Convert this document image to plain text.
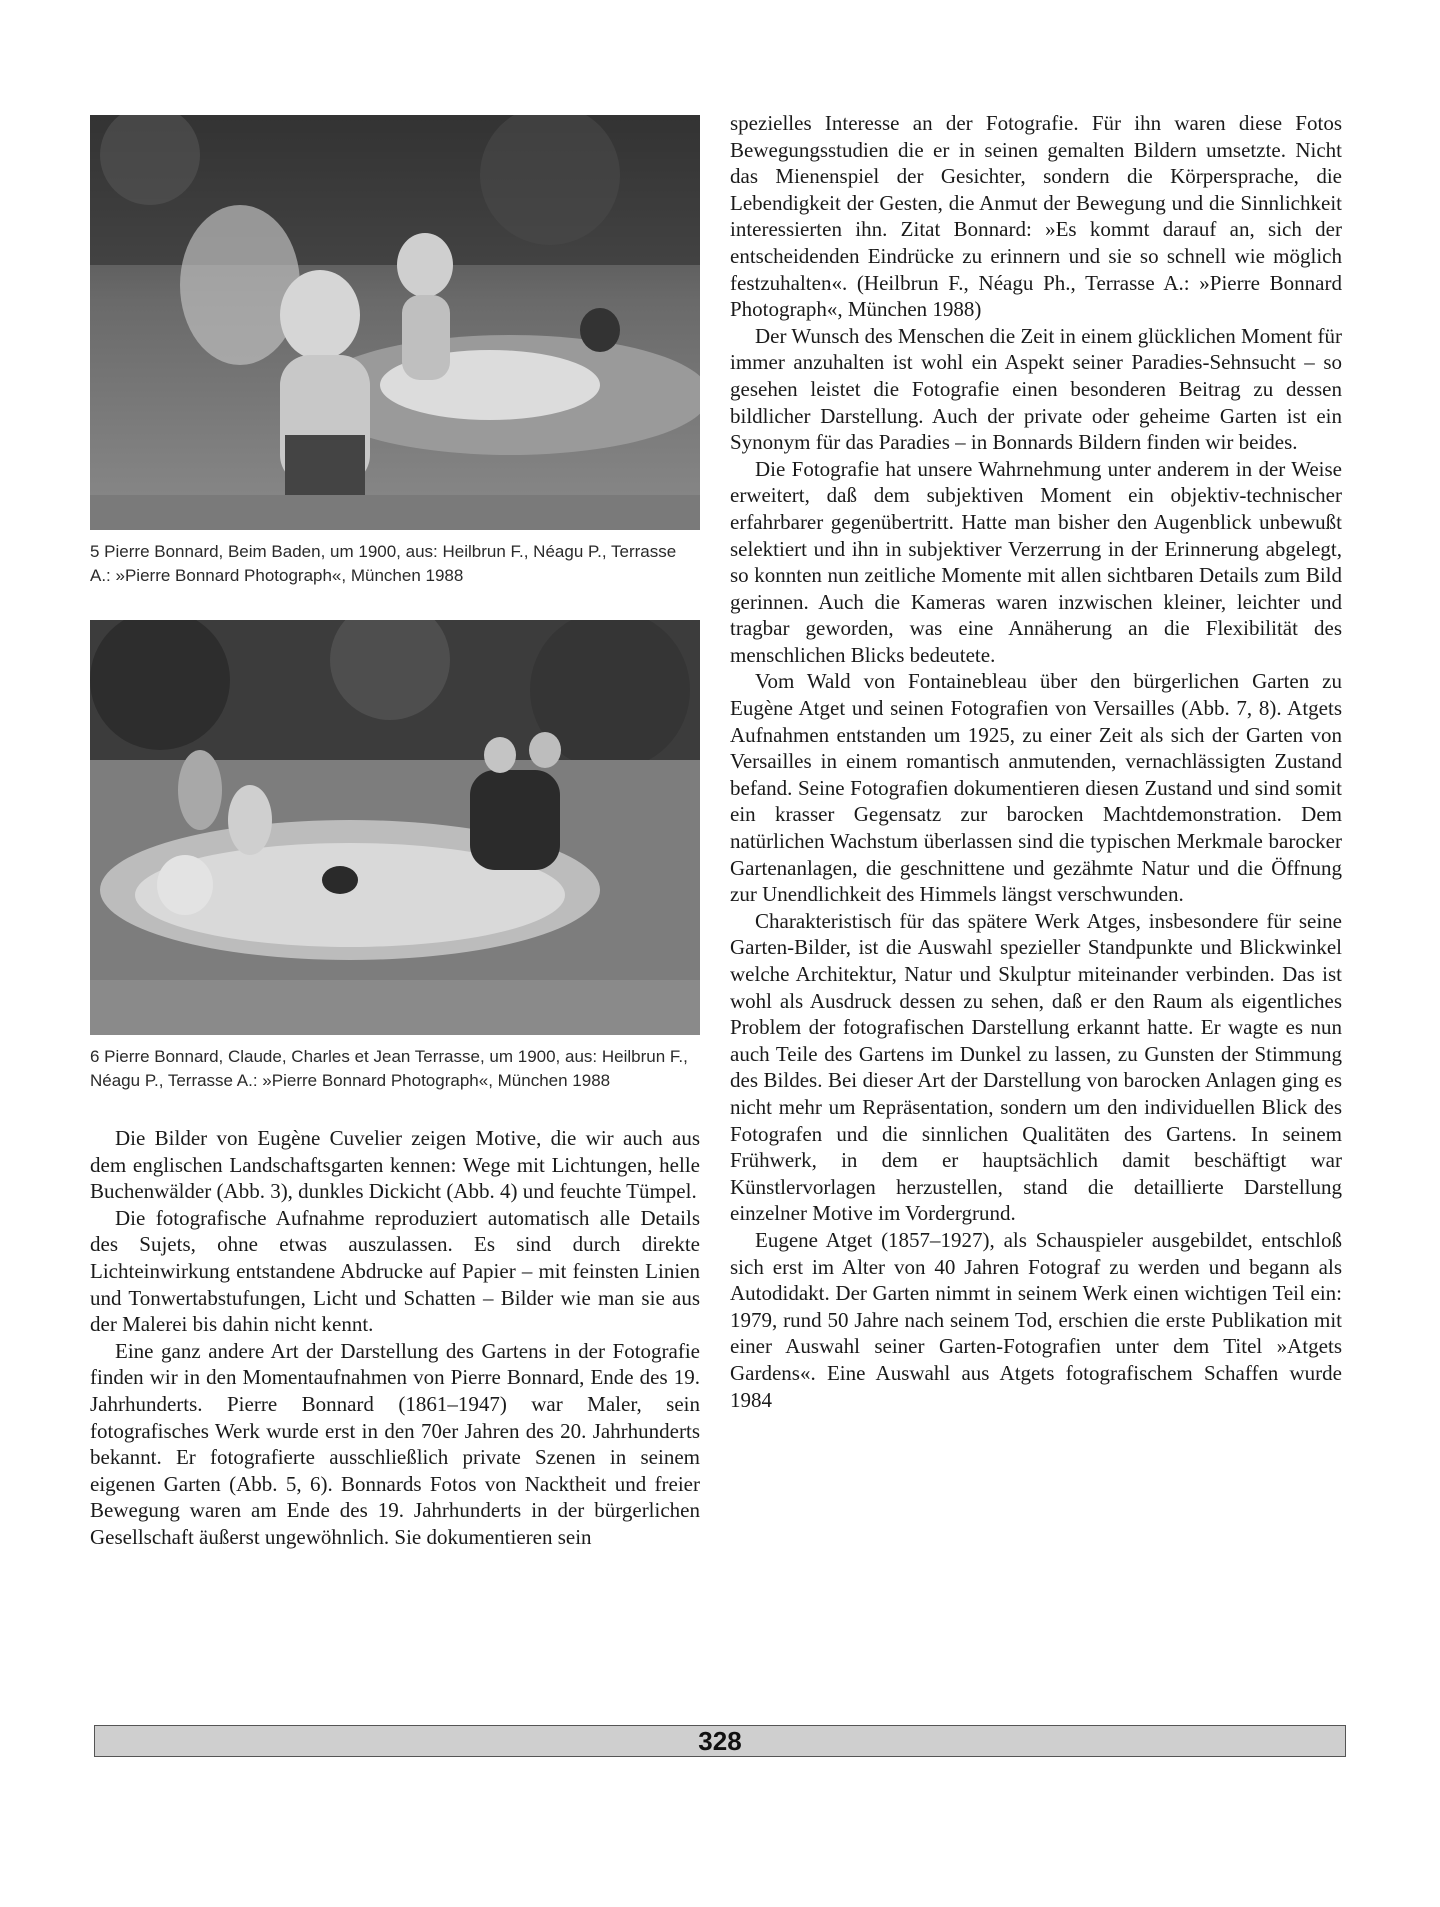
5 Pierre Bonnard, Beim Baden, um 1900, aus: Heilbrun F., Néagu P., Terrasse A.: »Pierre Bonnard Photograph«, München 1988

6 Pierre Bonnard, Claude, Charles et Jean Terrasse, um 1900, aus: Heilbrun F., Néagu P., Terrasse A.: »Pierre Bonnard Photograph«, München 1988

Die Bilder von Eugène Cuvelier zeigen Motive, die wir auch aus dem englischen Landschaftsgarten kennen: Wege mit Lichtungen, helle Buchenwälder (Abb. 3), dunkles Dickicht (Abb. 4) und feuchte Tümpel.

Die fotografische Aufnahme reproduziert automatisch alle Details des Sujets, ohne etwas auszulassen. Es sind durch direkte Lichteinwirkung entstandene Abdrucke auf Papier – mit feinsten Linien und Tonwertabstufungen, Licht und Schatten – Bilder wie man sie aus der Malerei bis dahin nicht kennt.

Eine ganz andere Art der Darstellung des Gartens in der Fotografie finden wir in den Momentaufnahmen von Pierre Bonnard, Ende des 19. Jahrhunderts. Pierre Bonnard (1861–1947) war Maler, sein fotografisches Werk wurde erst in den 70er Jahren des 20. Jahrhunderts bekannt. Er fotografierte ausschließlich private Szenen in seinem eigenen Garten (Abb. 5, 6). Bonnards Fotos von Nacktheit und freier Bewegung waren am Ende des 19. Jahrhunderts in der bürgerlichen Gesellschaft äußerst ungewöhnlich. Sie dokumentieren sein

spezielles Interesse an der Fotografie. Für ihn waren diese Fotos Bewegungsstudien die er in seinen gemalten Bildern umsetzte. Nicht das Mienenspiel der Gesichter, sondern die Körpersprache, die Lebendigkeit der Gesten, die Anmut der Bewegung und die Sinnlichkeit interessierten ihn. Zitat Bonnard: »Es kommt darauf an, sich der entscheidenden Eindrücke zu erinnern und sie so schnell wie möglich festzuhalten«. (Heilbrun F., Néagu Ph., Terrasse A.: »Pierre Bonnard Photograph«, München 1988)

Der Wunsch des Menschen die Zeit in einem glücklichen Moment für immer anzuhalten ist wohl ein Aspekt seiner Paradies-Sehnsucht – so gesehen leistet die Fotografie einen besonderen Beitrag zu dessen bildlicher Darstellung. Auch der private oder geheime Garten ist ein Synonym für das Paradies – in Bonnards Bildern finden wir beides.

Die Fotografie hat unsere Wahrnehmung unter anderem in der Weise erweitert, daß dem subjektiven Moment ein objektiv-technischer erfahrbarer gegenübertritt. Hatte man bisher den Augenblick unbewußt selektiert und ihn in subjektiver Verzerrung in der Erinnerung abgelegt, so konnten nun zeitliche Momente mit allen sichtbaren Details zum Bild gerinnen. Auch die Kameras waren inzwischen kleiner, leichter und tragbar geworden, was eine Annäherung an die Flexibilität des menschlichen Blicks bedeutete.

Vom Wald von Fontainebleau über den bürgerlichen Garten zu Eugène Atget und seinen Fotografien von Versailles (Abb. 7, 8). Atgets Aufnahmen entstanden um 1925, zu einer Zeit als sich der Garten von Versailles in einem romantisch anmutenden, vernachlässigten Zustand befand. Seine Fotografien dokumentieren diesen Zustand und sind somit ein krasser Gegensatz zur barocken Machtdemonstration. Dem natürlichen Wachstum überlassen sind die typischen Merkmale barocker Gartenanlagen, die geschnittene und gezähmte Natur und die Öffnung zur Unendlichkeit des Himmels längst verschwunden.

Charakteristisch für das spätere Werk Atges, insbesondere für seine Garten-Bilder, ist die Auswahl spezieller Standpunkte und Blickwinkel welche Architektur, Natur und Skulptur miteinander verbinden. Das ist wohl als Ausdruck dessen zu sehen, daß er den Raum als eigentliches Problem der fotografischen Darstellung erkannt hatte. Er wagte es nun auch Teile des Gartens im Dunkel zu lassen, zu Gunsten der Stimmung des Bildes. Bei dieser Art der Darstellung von barocken Anlagen ging es nicht mehr um Repräsentation, sondern um den individuellen Blick des Fotografen und die sinnlichen Qualitäten des Gartens. In seinem Frühwerk, in dem er hauptsächlich damit beschäftigt war Künstlervorlagen herzustellen, stand die detaillierte Darstellung einzelner Motive im Vordergrund.

Eugene Atget (1857–1927), als Schauspieler ausgebildet, entschloß sich erst im Alter von 40 Jahren Fotograf zu werden und begann als Autodidakt. Der Garten nimmt in seinem Werk einen wichtigen Teil ein: 1979, rund 50 Jahre nach seinem Tod, erschien die erste Publikation mit einer Auswahl seiner Garten-Fotografien unter dem Titel »Atgets Gardens«. Eine Auswahl aus Atgets fotografischem Schaffen wurde 1984

328
